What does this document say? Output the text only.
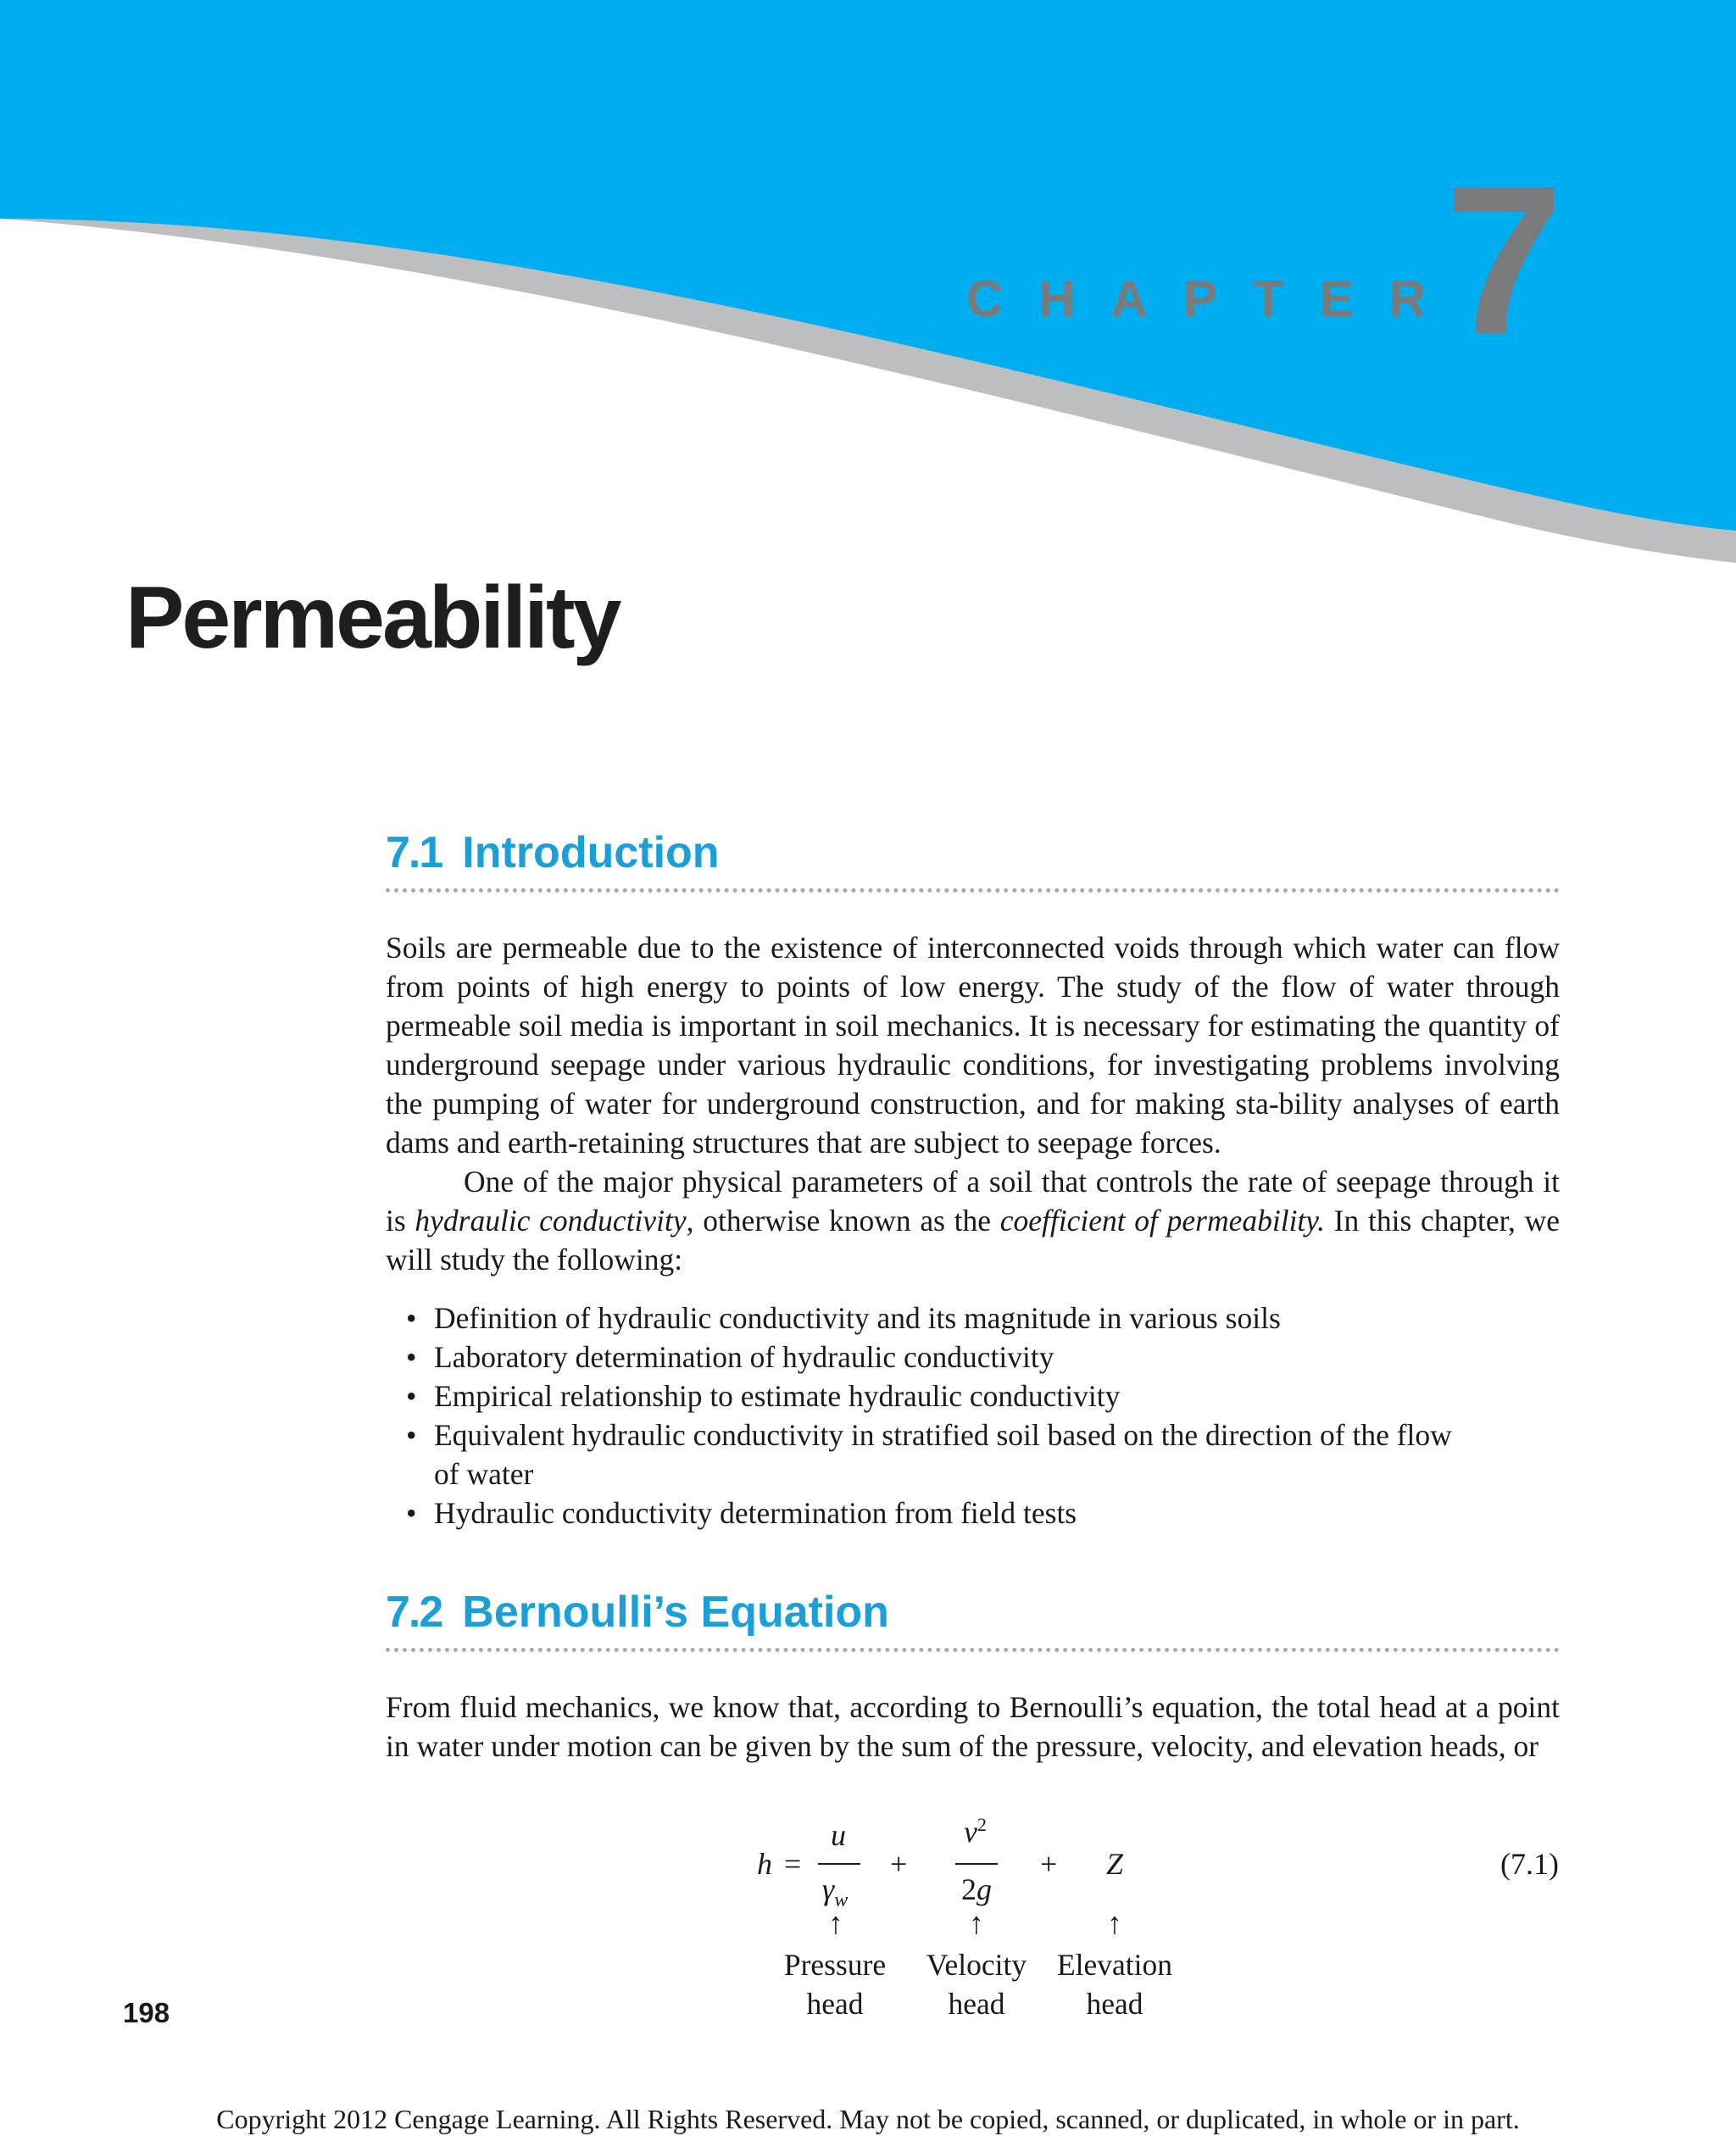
CHAPTER
7
Permeability
7.1 Introduction

Soils are permeable due to the existence of interconnected voids through which water can flow from points of high energy to points of low energy. The study of the flow of water through permeable soil media is important in soil mechanics. It is necessary for estimating the quantity of underground seepage under various hydraulic conditions, for investigating problems involving the pumping of water for underground construction, and for making sta-bility analyses of earth dams and earth-retaining structures that are subject to seepage forces.

One of the major physical parameters of a soil that controls the rate of seepage through it is hydraulic conductivity, otherwise known as the coefficient of permeability. In this chapter, we will study the following:

• Definition of hydraulic conductivity and its magnitude in various soils
• Laboratory determination of hydraulic conductivity
• Empirical relationship to estimate hydraulic conductivity
• Equivalent hydraulic conductivity in stratified soil based on the direction of the flow of water
• Hydraulic conductivity determination from field tests
7.2 Bernoulli’s Equation

From fluid mechanics, we know that, according to Bernoulli’s equation, the total head at a point in water under motion can be given by the sum of the pressure, velocity, and elevation heads, or

h =
u
$\gamma_w$
+
$v^2$
2g
+ Z	(7.1)
↑	↑	↑
Pressure
head
Velocity
head
Elevation
head
198
Copyright 2012 Cengage Learning. All Rights Reserved. May not be copied, scanned, or duplicated, in whole or in part.
